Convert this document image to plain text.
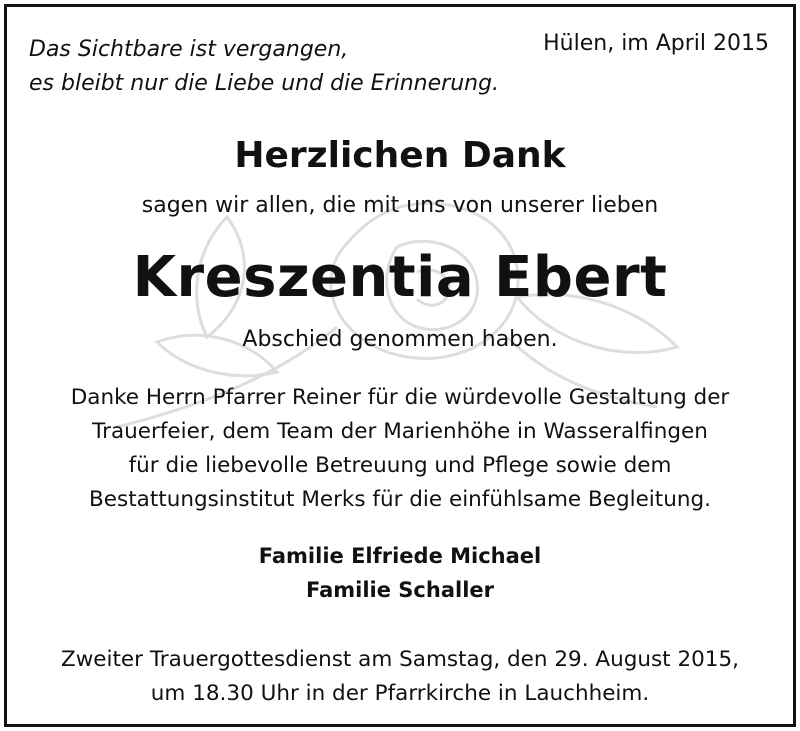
Das Sichtbare ist vergangen,
es bleibt nur die Liebe und die Erinnerung.
Hülen, im April 2015
Herzlichen Dank
sagen wir allen, die mit uns von unserer lieben
Kreszentia Ebert
Abschied genommen haben.
Danke Herrn Pfarrer Reiner für die würdevolle Gestaltung der
Trauerfeier, dem Team der Marienhöhe in Wasseralfingen
für die liebevolle Betreuung und Pflege sowie dem
Bestattungsinstitut Merks für die einfühlsame Begleitung.
Familie Elfriede Michael
Familie Schaller
Zweiter Trauergottesdienst am Samstag, den 29. August 2015,
um 18.30 Uhr in der Pfarrkirche in Lauchheim.
